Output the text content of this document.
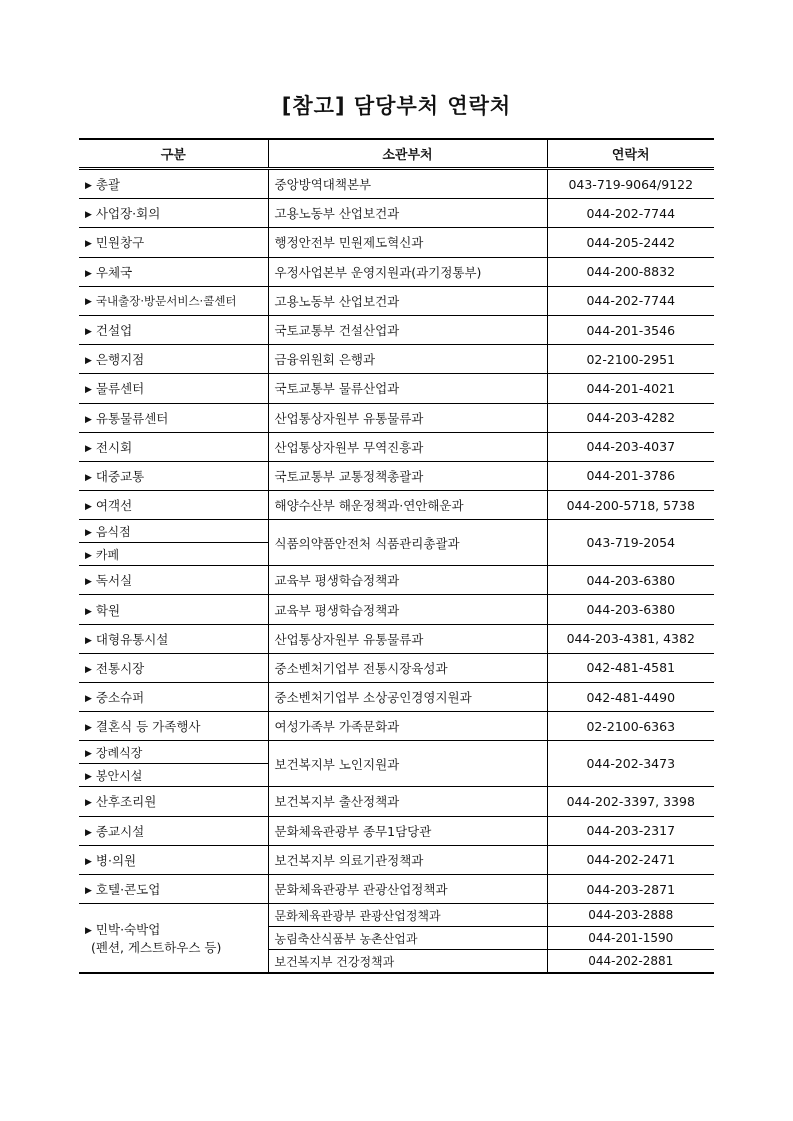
[참고] 담당부처 연락처
구분	소관부처	연락처
▶ 총괄	중앙방역대책본부	043-719-9064/9122
▶ 사업장·회의	고용노동부 산업보건과	044-202-7744
▶ 민원창구	행정안전부 민원제도혁신과	044-205-2442
▶ 우체국	우정사업본부 운영지원과(과기정통부)	044-200-8832
▶ 국내출장·방문서비스·콜센터	고용노동부 산업보건과	044-202-7744
▶ 건설업	국토교통부 건설산업과	044-201-3546
▶ 은행지점	금융위원회 은행과	02-2100-2951
▶ 물류센터	국토교통부 물류산업과	044-201-4021
▶ 유통물류센터	산업통상자원부 유통물류과	044-203-4282
▶ 전시회	산업통상자원부 무역진흥과	044-203-4037
▶ 대중교통	국토교통부 교통정책총괄과	044-201-3786
▶ 여객선	해양수산부 해운정책과·연안해운과	044-200-5718, 5738
▶ 음식점	식품의약품안전처 식품관리총괄과	043-719-2054
▶ 카페		
▶ 독서실	교육부 평생학습정책과	044-203-6380
▶ 학원	교육부 평생학습정책과	044-203-6380
▶ 대형유통시설	산업통상자원부 유통물류과	044-203-4381, 4382
▶ 전통시장	중소벤처기업부 전통시장육성과	042-481-4581
▶ 중소슈퍼	중소벤처기업부 소상공인경영지원과	042-481-4490
▶ 결혼식 등 가족행사	여성가족부 가족문화과	02-2100-6363
▶ 장례식장	보건복지부 노인지원과	044-202-3473
▶ 봉안시설		
▶ 산후조리원	보건복지부 출산정책과	044-202-3397, 3398
▶ 종교시설	문화체육관광부 종무1담당관	044-203-2317
▶ 병·의원	보건복지부 의료기관정책과	044-202-2471
▶ 호텔·콘도업	문화체육관광부 관광산업정책과	044-203-2871
▶ 민박·숙박업
(펜션, 게스트하우스 등)	문화체육관광부 관광산업정책과	044-203-2888
	농림축산식품부 농촌산업과	044-201-1590
	보건복지부 건강정책과	044-202-2881
